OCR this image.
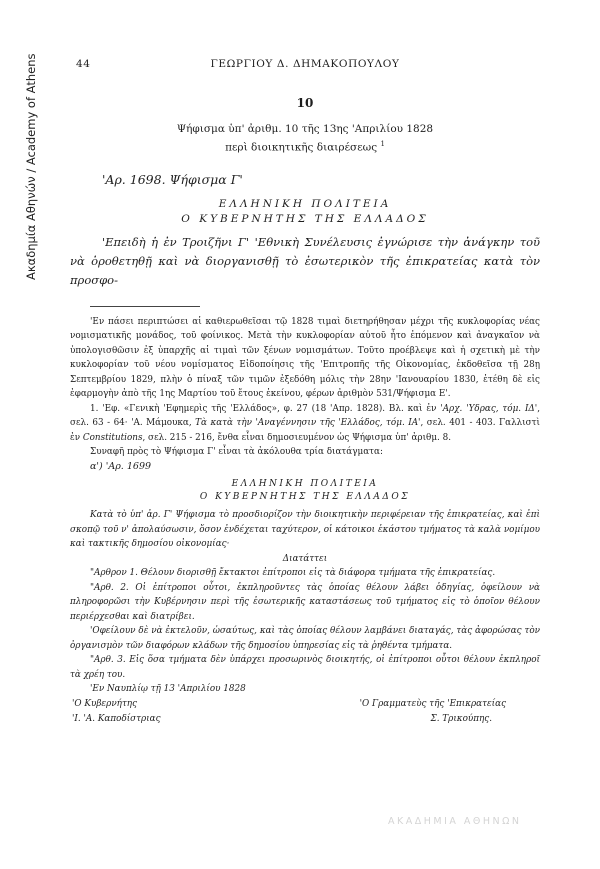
Ακαδημία Αθηνών / Academy of Athens	44	ΓΕΩΡΓΙΟΥ Δ. ΔΗΜΑΚΟΠΟΥΛΟΥ
10
Ψήφισμα ὑπ' ἀριθμ. 10 τῆς 13ης 'Απριλίου 1828
περὶ διοικητικῆς διαιρέσεως $^1$
'Αρ. 1698. Ψήφισμα Γ'
ΕΛΛΗΝΙΚΗ ΠΟΛΙΤΕΙΑ
Ο ΚΥΒΕΡΝΗΤΗΣ ΤΗΣ ΕΛΛΑΔΟΣ
'Επειδὴ ἡ ἐν Τροιζῆνι Γ' 'Εθνικὴ Συνέλευσις ἐγνώρισε τὴν ἀνάγκην τοῦ νὰ ὁροθετηθῇ καὶ νὰ διοργανισθῇ τὸ ἐσωτερικὸν τῆς ἐπικρατείας κατὰ τὸν προσφο-

'Εν πάσει περιπτώσει αἱ καθιερωθεῖσαι τῷ 1828 τιμαὶ διετηρήθησαν μέχρι τῆς κυκλοφορίας νέας νομισματικῆς μονάδος, τοῦ φοίνικος. Μετὰ τὴν κυκλοφορίαν αὐτοῦ ἦτο ἐπόμενον καὶ ἀναγκαῖον νὰ ὑπολογισθῶσιν ἐξ ὑπαρχῆς αἱ τιμαὶ τῶν ξένων νομισμάτων. Τοῦτο προέβλεψε καὶ ἡ σχετικὴ μὲ τὴν κυκλοφορίαν τοῦ νέου νομίσματος Εἰδοποίησις τῆς 'Επιτροπῆς τῆς Οἰκονομίας, ἐκδοθεῖσα τῇ 28ῃ Σεπτεμβρίου 1829, πλὴν ὁ πίναξ τῶν τιμῶν ἐξεδόθη μόλις τὴν 28ην 'Ιανουαρίου 1830, ἐτέθη δὲ εἰς ἐφαρμογὴν ἀπὸ τῆς 1ης Μαρτίου τοῦ ἔτους ἐκείνου, φέρων ἀριθμὸν 531/Ψήφισμα Ε'.

1. 'Εφ. «Γενικὴ 'Εφημερὶς τῆς 'Ελλάδος», φ. 27 (18 'Απρ. 1828). Βλ. καὶ ἐν 'Αρχ. 'Υδρας, τόμ. ΙΔ', σελ. 63 - 64· 'Α. Μάμουκα, Τὰ κατὰ τὴν 'Αναγέννησιν τῆς 'Ελλάδος, τόμ. ΙΑ', σελ. 401 - 403. Γαλλιστὶ ἐν Constitutions, σελ. 215 - 216, ἔνθα εἶναι δημοσιευμένον ὡς Ψήφισμα ὑπ' ἀριθμ. 8.

Συναφῆ πρὸς τὸ Ψήφισμα Γ' εἶναι τὰ ἀκόλουθα τρία διατάγματα:

α') 'Αρ. 1699
ΕΛΛΗΝΙΚΗ ΠΟΛΙΤΕΙΑ
Ο ΚΥΒΕΡΝΗΤΗΣ ΤΗΣ ΕΛΛΑΔΟΣ

Κατὰ τὸ ὑπ' ἀρ. Γ' Ψήφισμα τὸ προσδιορίζον τὴν διοικητικὴν περιφέρειαν τῆς ἐπικρατείας, καὶ ἐπὶ σκοπῷ τοῦ ν' ἀπολαύσωσιν, ὅσον ἐνδέχεται ταχύτερον, οἱ κάτοικοι ἑκάστου τμήματος τὰ καλὰ νομίμου καὶ τακτικῆς δημοσίου οἰκονομίας·

Διατάττει

"Αρθρον 1. Θέλουν διορισθῇ ἔκτακτοι ἐπίτροποι εἰς τὰ διάφορα τμήματα τῆς ἐπικρατείας.

"Αρθ. 2. Οἱ ἐπίτροποι οὗτοι, ἐκπληροῦντες τὰς ὁποίας θέλουν λάβει ὁδηγίας, ὀφείλουν νὰ πληροφορῶσι τὴν Κυβέρνησιν περὶ τῆς ἐσωτερικῆς καταστάσεως τοῦ τμήματος εἰς τὸ ὁποῖον θέλουν περιέρχεσθαι καὶ διατρίβει.

'Οφείλουν δὲ νὰ ἐκτελοῦν, ὡσαύτως, καὶ τὰς ὁποίας θέλουν λαμβάνει διαταγάς, τὰς ἀφορώσας τὸν ὀργανισμὸν τῶν διαφόρων κλάδων τῆς δημοσίου ὑπηρεσίας εἰς τὰ ῥηθέντα τμήματα.

"Αρθ. 3. Εἰς ὅσα τμήματα δὲν ὑπάρχει προσωρινὸς διοικητής, οἱ ἐπίτροποι οὗτοι θέλουν ἐκπληροῖ τὰ χρέη του.

'Εν Ναυπλίῳ τῇ 13 'Απριλίου 1828

'Ο Κυβερνήτης	'Ο Γραμματεὺς τῆς 'Επικρατείας
'Ι. 'Α. Καποδίστριας	Σ. Τρικούπης.
ΑΚΑΔΗΜΙΑ ΑΘΗΝΩΝ
